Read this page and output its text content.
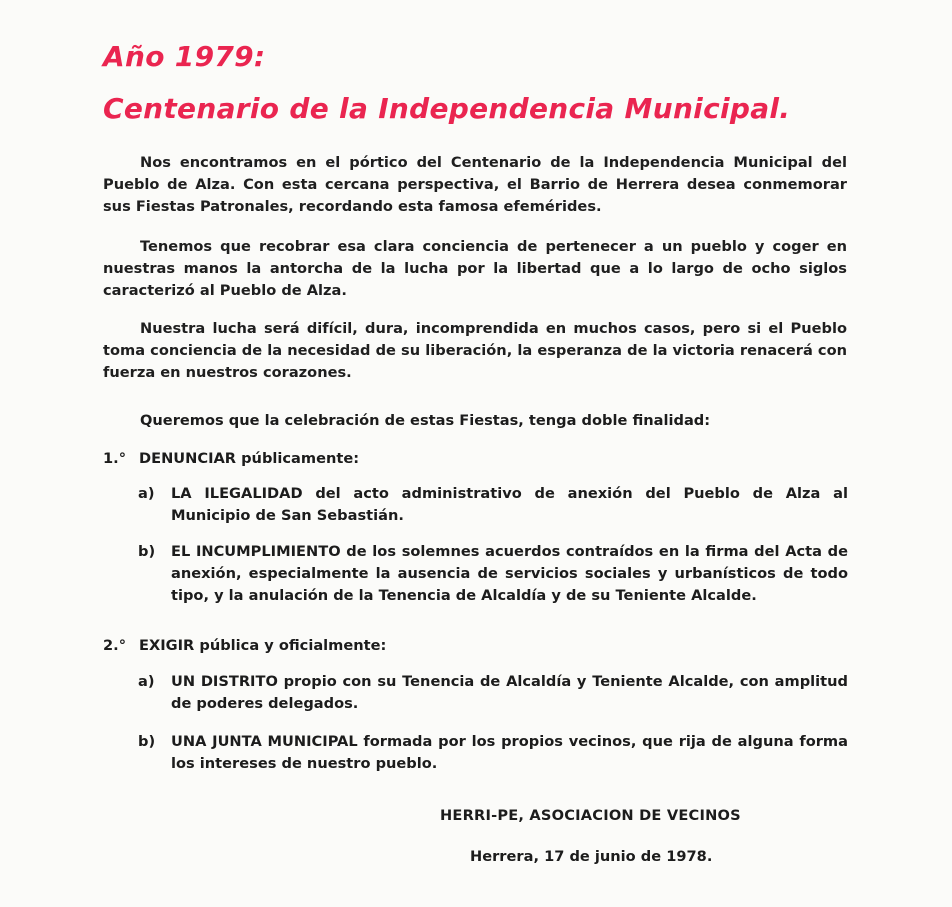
Año 1979:
Centenario de la Independencia Municipal.

Nos encontramos en el pórtico del Centenario de la Independencia Municipal del Pueblo de Alza. Con esta cercana perspectiva, el Barrio de Herrera desea conmemorar sus Fiestas Patronales, recordando esta famosa efemérides.

Tenemos que recobrar esa clara conciencia de pertenecer a un pueblo y coger en nuestras manos la antorcha de la lucha por la libertad que a lo largo de ocho siglos caracterizó al Pueblo de Alza.

Nuestra lucha será difícil, dura, incomprendida en muchos casos, pero si el Pueblo toma conciencia de la necesidad de su liberación, la esperanza de la victoria renacerá con fuerza en nuestros corazones.

Queremos que la celebración de estas Fiestas, tenga doble finalidad:

1.° DENUNCIAR públicamente:

a) LA ILEGALIDAD del acto administrativo de anexión del Pueblo de Alza al Municipio de San Sebastián.
b) EL INCUMPLIMIENTO de los solemnes acuerdos contraídos en la firma del Acta de anexión, especialmente la ausencia de servicios sociales y urbanísticos de todo tipo, y la anulación de la Tenencia de Alcaldía y de su Teniente Alcalde.

2.° EXIGIR pública y oficialmente:

a) UN DISTRITO propio con su Tenencia de Alcaldía y Teniente Alcalde, con amplitud de poderes delegados.
b) UNA JUNTA MUNICIPAL formada por los propios vecinos, que rija de alguna forma los intereses de nuestro pueblo.

HERRI-PE, ASOCIACION DE VECINOS

Herrera, 17 de junio de 1978.
